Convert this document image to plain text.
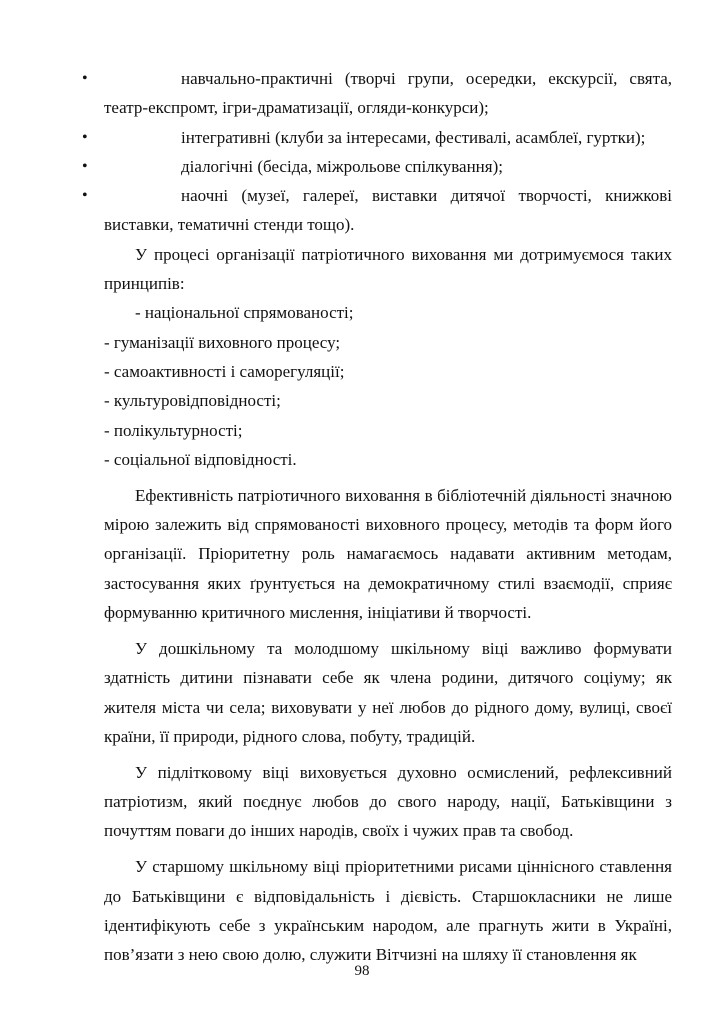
•	навчально-практичні (творчі групи, осередки, екскурсії, свята, театр-експромт, ігри-драматизації, огляди-конкурси);
•	інтегративні (клуби за інтересами, фестивалі, асамблеї, гуртки);
•	діалогічні (бесіда, міжрольове спілкування);
•	наочні (музеї, галереї, виставки дитячої творчості, книжкові виставки, тематичні стенди тощо).

У процесі організації патріотичного виховання ми дотримуємося таких принципів:

- національної спрямованості;
- гуманізації виховного процесу;
- самоактивності і саморегуляції;
- культуровідповідності;
- полікультурності;
- соціальної відповідності.

Ефективність патріотичного виховання в бібліотечній діяльності значною мірою залежить від спрямованості виховного процесу, методів та форм його організації. Пріоритетну роль намагаємось надавати активним методам, застосування яких ґрунтується на демократичному стилі взаємодії, сприяє формуванню критичного мислення, ініціативи й творчості.

У дошкільному та молодшому шкільному віці важливо формувати здатність дитини пізнавати себе як члена родини, дитячого соціуму; як жителя міста чи села; виховувати у неї любов до рідного дому, вулиці, своєї країни, її природи, рідного слова, побуту, традицій.

У підлітковому віці виховується духовно осмислений, рефлексивний патріотизм, який поєднує любов до свого народу, нації, Батьківщини з почуттям поваги до інших народів, своїх і чужих прав та свобод.

У старшому шкільному віці пріоритетними рисами ціннісного ставлення до Батьківщини є відповідальність і дієвість. Старшокласники не лише ідентифікують себе з українським народом, але прагнуть жити в Україні, пов’язати з нею свою долю, служити Вітчизні на шляху її становлення як

98
